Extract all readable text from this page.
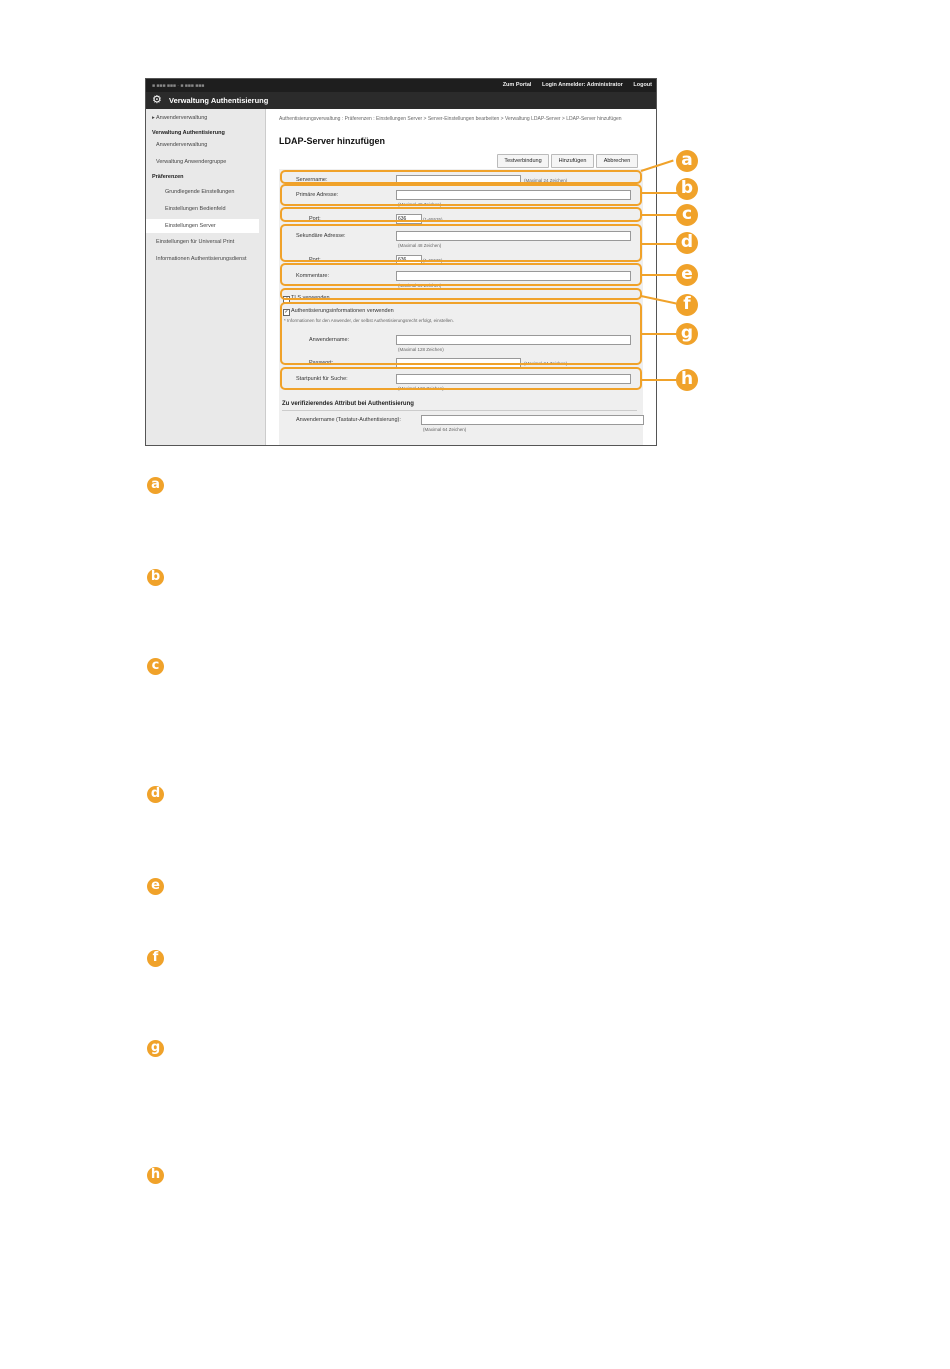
■ ■■■ ■■■ · ■ ■■■ ■■■	Zum Portal Login Anmelder: Administrator Logout
⚙ Verwaltung Authentisierung
▸ Anwenderverwaltung
Verwaltung Authentisierung
Anwenderverwaltung
Verwaltung Anwendergruppe
Präferenzen
Grundlegende Einstellungen
Einstellungen Bedienfeld
Einstellungen Server
Einstellungen für Universal Print
Informationen Authentisierungsdienst
Authentisierungsverwaltung : Präferenzen : Einstellungen Server > Server-Einstellungen bearbeiten > Verwaltung LDAP-Server > LDAP-Server hinzufügen
LDAP-Server hinzufügen
Testverbindung	Hinzufügen	Abbrechen
Servername:	(Maximal 24 Zeichen)
Primäre Adresse:
(Maximal 48 Zeichen)
Port:	636	(1-65535)
Sekundäre Adresse:
(Maximal 48 Zeichen)
Port:	636	(1-65535)
Kommentare:
(Maximal 64 Zeichen)
✓ TLS verwenden
✓ Authentisierungsinformationen verwenden
* Informationen für den Anwender, der selbst Authentisierungsrecht erfolgt, einstellen.
Anwendername:
(Maximal 128 Zeichen)
Passwort:	(Maximal 24 Zeichen)
Startpunkt für Suche:
(Maximal 128 Zeichen)
Zu verifizierendes Attribut bei Authentisierung
Anwendername (Tastatur-Authentisierung):
(Maximal 64 Zeichen)
a
b
c
d
e
f
g
h
a
b
c
d
e
f
g
h
